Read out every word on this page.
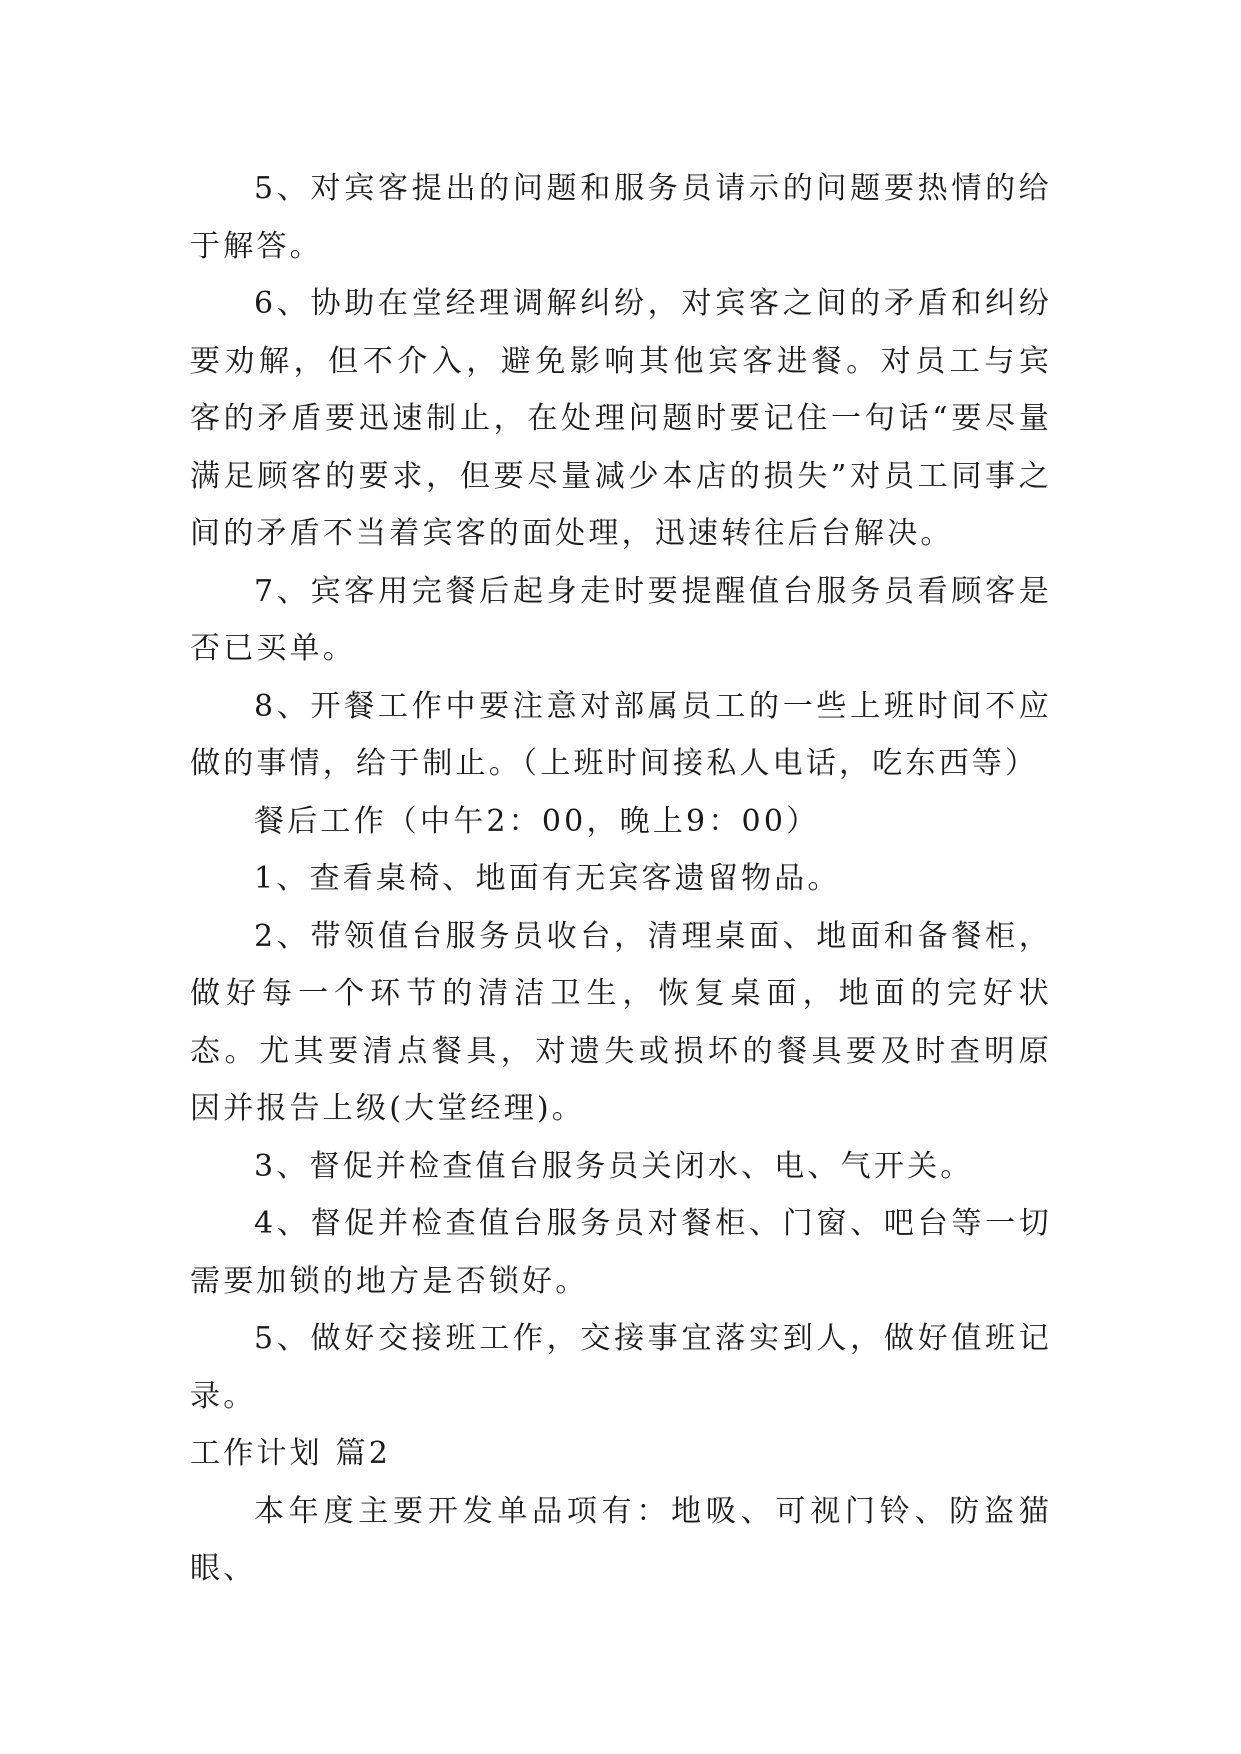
5、对宾客提出的问题和服务员请示的问题要热情的给于解答。

6、协助在堂经理调解纠纷，对宾客之间的矛盾和纠纷要劝解，但不介入，避免影响其他宾客进餐。对员工与宾客的矛盾要迅速制止，在处理问题时要记住一句话“要尽量满足顾客的要求，但要尽量减少本店的损失”对员工同事之间的矛盾不当着宾客的面处理，迅速转往后台解决。

7、宾客用完餐后起身走时要提醒值台服务员看顾客是否已买单。

8、开餐工作中要注意对部属员工的一些上班时间不应做的事情，给于制止。（上班时间接私人电话，吃东西等）

餐后工作（中午2：00，晚上9：00）

1、查看桌椅、地面有无宾客遗留物品。

2、带领值台服务员收台，清理桌面、地面和备餐柜，做好每一个环节的清洁卫生，恢复桌面，地面的完好状态。尤其要清点餐具，对遗失或损坏的餐具要及时查明原因并报告上级(大堂经理)。

3、督促并检查值台服务员关闭水、电、气开关。

4、督促并检查值台服务员对餐柜、门窗、吧台等一切需要加锁的地方是否锁好。

5、做好交接班工作，交接事宜落实到人，做好值班记录。

工作计划 篇2

本年度主要开发单品项有：地吸、可视门铃、防盗猫眼、
